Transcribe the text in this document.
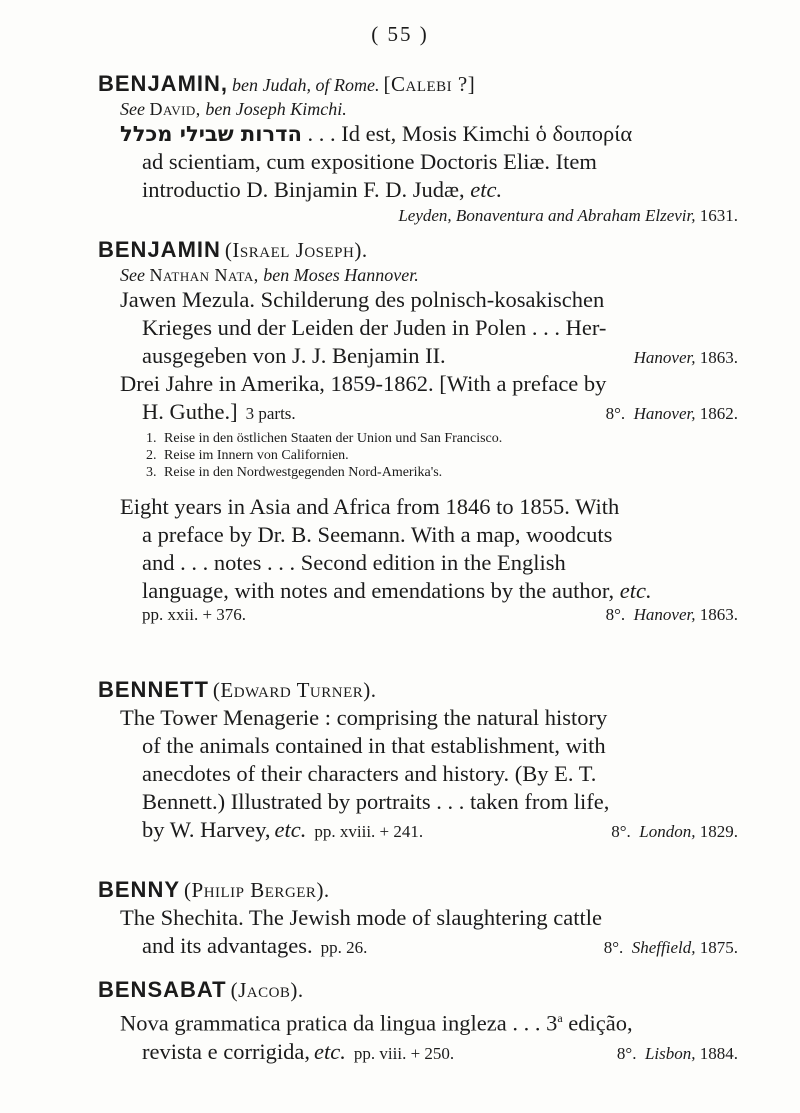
( 55 )
BENJAMIN, ben Judah, of Rome. [Calebi ?]
See David, ben Joseph Kimchi.
הדרות שבילי מכלל . . . Id est, Mosis Kimchi ὁ δοιπορία
ad scientiam, cum expositione Doctoris Eliæ. Item
introductio D. Binjamin F. D. Judæ, etc.
Leyden, Bonaventura and Abraham Elzevir, 1631.
BENJAMIN (Israel Joseph).
See Nathan Nata, ben Moses Hannover.
Jawen Mezula. Schilderung des polnisch-kosakischen
Krieges und der Leiden der Juden in Polen . . . Her-
ausgegeben von J. J. Benjamin II.	Hanover, 1863.
Drei Jahre in Amerika, 1859-1862. [With a preface by
H. Guthe.] 3 parts.	8°. Hanover, 1862.
1. Reise in den östlichen Staaten der Union und San Francisco.
2. Reise im Innern von Californien.
3. Reise in den Nordwestgegenden Nord-Amerika's.
Eight years in Asia and Africa from 1846 to 1855. With
a preface by Dr. B. Seemann. With a map, woodcuts
and . . . notes . . . Second edition in the English
language, with notes and emendations by the author, etc.
pp. xxii. + 376.	8°. Hanover, 1863.
BENNETT (Edward Turner).
The Tower Menagerie : comprising the natural history
of the animals contained in that establishment, with
anecdotes of their characters and history. (By E. T.
Bennett.) Illustrated by portraits . . . taken from life,
by W. Harvey, etc. pp. xviii. + 241.	8°. London, 1829.
BENNY (Philip Berger).
The Shechita. The Jewish mode of slaughtering cattle
and its advantages. pp. 26.	8°. Sheffield, 1875.
BENSABAT (Jacob).
Nova grammatica pratica da lingua ingleza . . . 3$^a$ edição,
revista e corrigida, etc. pp. viii. + 250.	8°. Lisbon, 1884.
